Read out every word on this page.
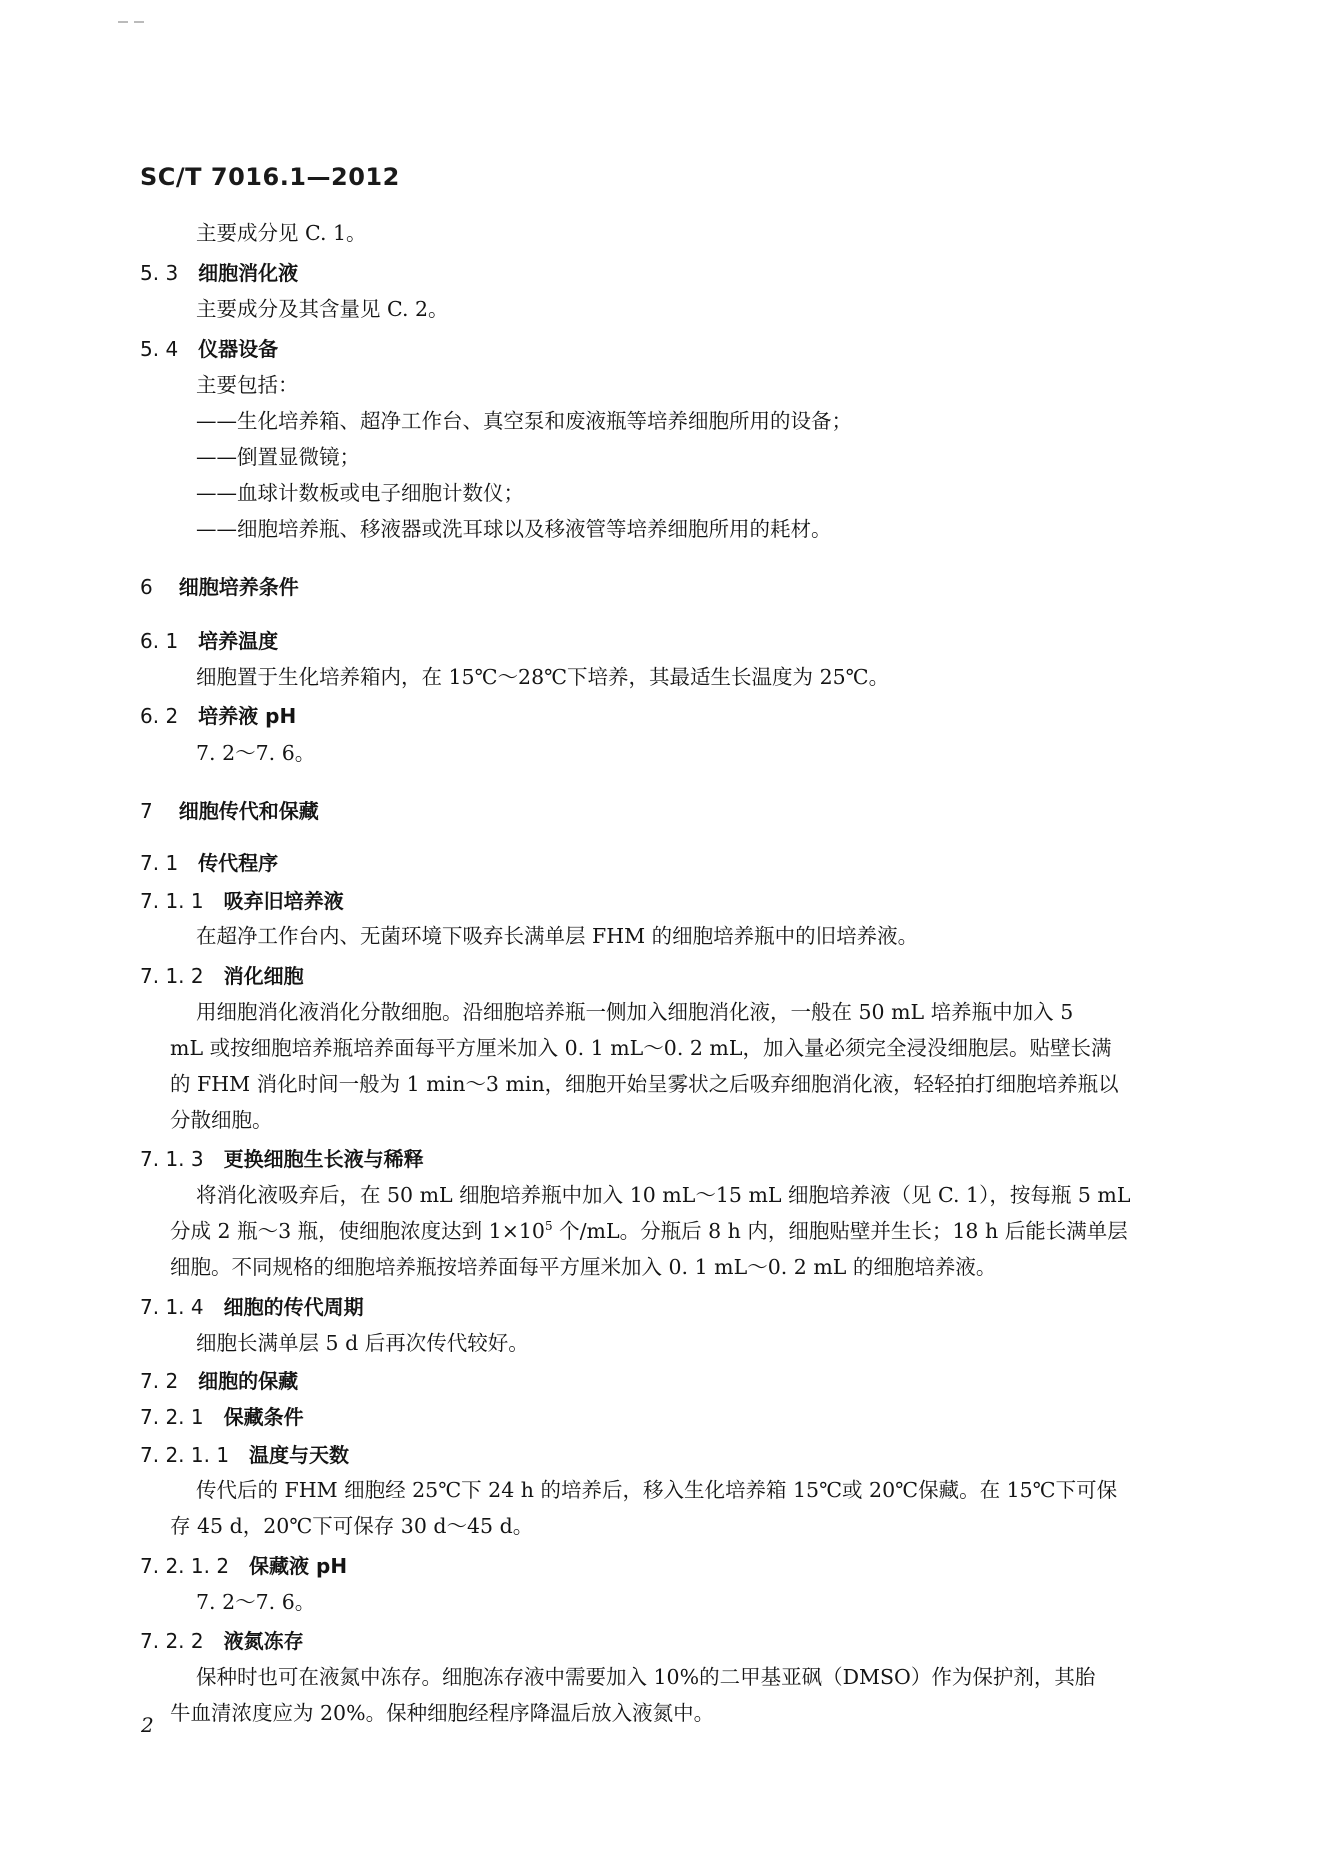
SC/T 7016.1—2012
主要成分见 C. 1。
5. 3 细胞消化液
主要成分及其含量见 C. 2。
5. 4 仪器设备
主要包括：
——生化培养箱、超净工作台、真空泵和废液瓶等培养细胞所用的设备；
——倒置显微镜；
——血球计数板或电子细胞计数仪；
——细胞培养瓶、移液器或洗耳球以及移液管等培养细胞所用的耗材。
6 细胞培养条件
6. 1 培养温度
细胞置于生化培养箱内，在 15℃～28℃下培养，其最适生长温度为 25℃。
6. 2 培养液 pH
7. 2～7. 6。
7 细胞传代和保藏
7. 1 传代程序
7. 1. 1 吸弃旧培养液
在超净工作台内、无菌环境下吸弃长满单层 FHM 的细胞培养瓶中的旧培养液。
7. 1. 2 消化细胞
用细胞消化液消化分散细胞。沿细胞培养瓶一侧加入细胞消化液，一般在 50 mL 培养瓶中加入 5
mL 或按细胞培养瓶培养面每平方厘米加入 0. 1 mL～0. 2 mL，加入量必须完全浸没细胞层。贴壁长满
的 FHM 消化时间一般为 1 min～3 min，细胞开始呈雾状之后吸弃细胞消化液，轻轻拍打细胞培养瓶以
分散细胞。
7. 1. 3 更换细胞生长液与稀释
将消化液吸弃后，在 50 mL 细胞培养瓶中加入 10 mL～15 mL 细胞培养液（见 C. 1），按每瓶 5 mL
分成 2 瓶～3 瓶，使细胞浓度达到 $1\times 10^5$ 个/mL。分瓶后 8 h 内，细胞贴壁并生长；18 h 后能长满单层
细胞。不同规格的细胞培养瓶按培养面每平方厘米加入 0. 1 mL～0. 2 mL 的细胞培养液。
7. 1. 4 细胞的传代周期
细胞长满单层 5 d 后再次传代较好。
7. 2 细胞的保藏
7. 2. 1 保藏条件
7. 2. 1. 1 温度与天数
传代后的 FHM 细胞经 25℃下 24 h 的培养后，移入生化培养箱 15℃或 20℃保藏。在 15℃下可保
存 45 d，20℃下可保存 30 d～45 d。
7. 2. 1. 2 保藏液 pH
7. 2～7. 6。
7. 2. 2 液氮冻存
保种时也可在液氮中冻存。细胞冻存液中需要加入 10%的二甲基亚砜（DMSO）作为保护剂，其胎
牛血清浓度应为 20%。保种细胞经程序降温后放入液氮中。
2
